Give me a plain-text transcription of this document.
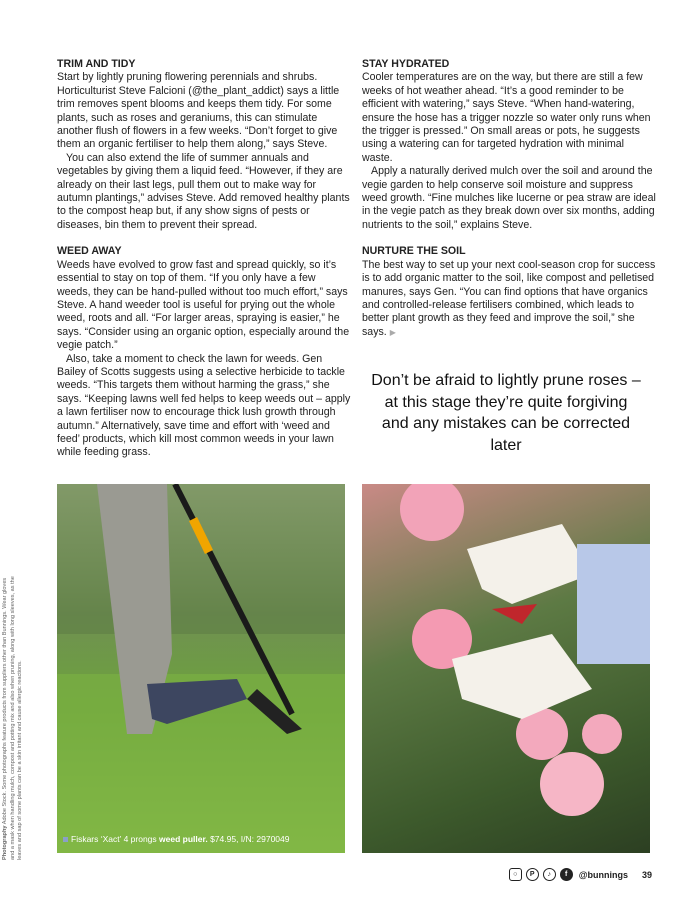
TRIM AND TIDY

Start by lightly pruning flowering perennials and shrubs. Horticulturist Steve Falcioni (@the_plant_addict) says a little trim removes spent blooms and keeps them tidy. For some plants, such as roses and geraniums, this can stimulate another flush of flowers in a few weeks. “Don’t forget to give them an organic fertiliser to help them along,” says Steve.

You can also extend the life of summer annuals and vegetables by giving them a liquid feed. “However, if they are already on their last legs, pull them out to make way for autumn plantings,” advises Steve. Add removed healthy plants to the compost heap but, if any show signs of pests or diseases, bin them to prevent their spread.

WEED AWAY

Weeds have evolved to grow fast and spread quickly, so it’s essential to stay on top of them. “If you only have a few weeds, they can be hand-pulled without too much effort,” says Steve. A hand weeder tool is useful for prying out the whole weed, roots and all. “For larger areas, spraying is easier,” he says. “Consider using an organic option, especially around the vegie patch.”

Also, take a moment to check the lawn for weeds. Gen Bailey of Scotts suggests using a selective herbicide to tackle weeds. “This targets them without harming the grass,” she says. “Keeping lawns well fed helps to keep weeds out – apply a lawn fertiliser now to encourage thick lush growth through autumn.” Alternatively, save time and effort with ‘weed and feed’ products, which kill most common weeds in your lawn while feeding grass.

STAY HYDRATED

Cooler temperatures are on the way, but there are still a few weeks of hot weather ahead. “It’s a good reminder to be efficient with watering,” says Steve. “When hand-watering, ensure the hose has a trigger nozzle so water only runs when the trigger is pressed.” On small areas or pots, he suggests using a watering can for targeted hydration with minimal waste.

Apply a naturally derived mulch over the soil and around the vegie garden to help conserve soil moisture and suppress weed growth. “Fine mulches like lucerne or pea straw are ideal in the vegie patch as they break down over six months, adding nutrients to the soil,” explains Steve.

NURTURE THE SOIL

The best way to set up your next cool-season crop for success is to add organic matter to the soil, like compost and pelletised manures, says Gen. “You can find options that have organics and controlled-release fertilisers combined, which leads to better plant growth as they feed and improve the soil,” she says. ▶

Don’t be afraid to lightly prune roses – at this stage they’re quite forgiving and any mistakes can be corrected later
Fiskars ‘Xact’ 4 prongs weed puller. $74.95, I/N: 2970049
Photography Adobe Stock. Some photographs feature products from suppliers other than Bunnings. Wear gloves and a mask when handling mulch, compost and potting mix and also when pruning, along with long sleeves, as the leaves and sap of some plants can be a skin irritant and cause allergic reactions.
○	P	♪	f	@bunnings 39
